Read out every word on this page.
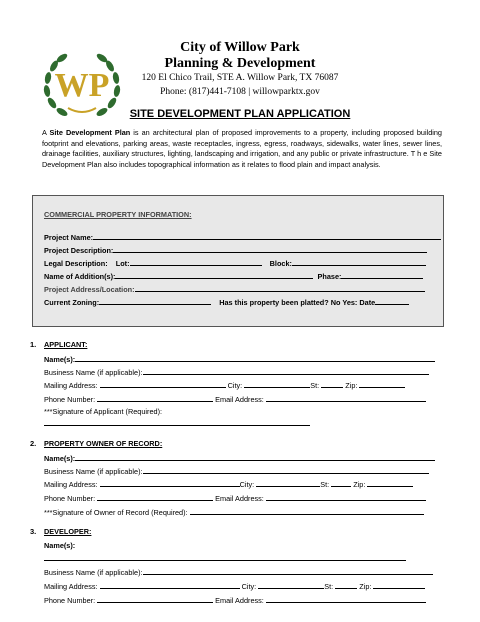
WP
City of Willow Park
Planning & Development
120 El Chico Trail, STE A. Willow Park, TX 76087
Phone: (817)441-7108 | willowparktx.gov
SITE DEVELOPMENT PLAN APPLICATION
A Site Development Plan is an architectural plan of proposed improvements to a property, including proposed building footprint and elevations, parking areas, waste receptacles, ingress, egress, roadways, sidewalks, water lines, sewer lines, drainage facilities, auxiliary structures, lighting, landscaping and irrigation, and any public or private infrastructure. T h e Site Development Plan also includes topographical information as it relates to flood plain and impact analysis.
COMMERCIAL PROPERTY INFORMATION:
Project Name:
Project Description:
Legal Description: Lot:	Block:
Name of Addition(s):	Phase:
Project Address/Location:
Current Zoning:	Has this property been platted? No Yes: Date
1. APPLICANT:
Name(s):
Business Name (if applicable):
Mailing Address:	City:	St:	Zip:
Phone Number:	Email Address:
***Signature of Applicant (Required):
2. PROPERTY OWNER OF RECORD:
Name(s):
Business Name (if applicable):
Mailing Address:	City:	St:	Zip:
Phone Number:	Email Address:
***Signature of Owner of Record (Required):
3. DEVELOPER:
Name(s):
Business Name (if applicable):
Mailing Address:	City:	St:	Zip:
Phone Number:	Email Address:
